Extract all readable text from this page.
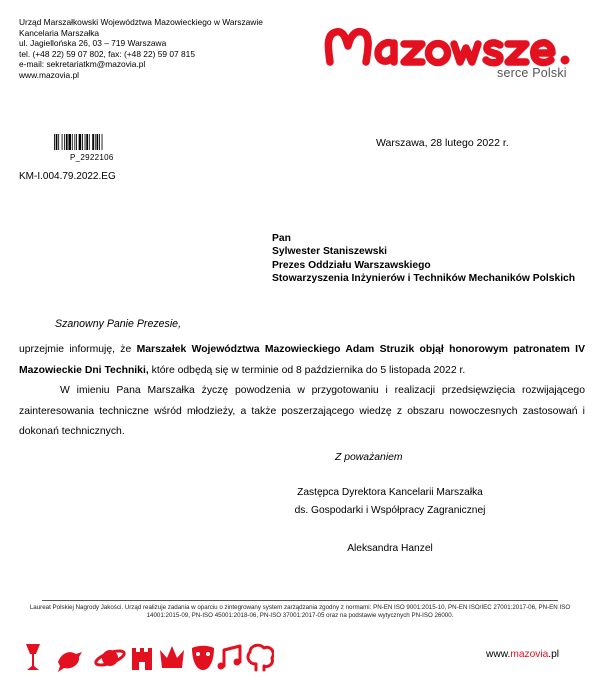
Urząd Marszałkowski Województwa Mazowieckiego w Warszawie
Kancelaria Marszałka
ul. Jagiellońska 26, 03 – 719 Warszawa
tel. (+48 22) 59 07 802, fax: (+48 22) 59 07 815
e-mail: sekretariatkm@mazovia.pl
www.mazovia.pl	serce Polski
P_2922106
Warszawa, 28 lutego 2022 r.
KM-I.004.79.2022.EG
Pan
Sylwester Staniszewski
Prezes Oddziału Warszawskiego
Stowarzyszenia Inżynierów i Techników Mechaników Polskich
Szanowny Panie Prezesie,

uprzejmie informuję, że Marszałek Województwa Mazowieckiego Adam Struzik objął honorowym patronatem IV Mazowieckie Dni Techniki, które odbędą się w terminie od 8 października do 5 listopada 2022 r.

W imieniu Pana Marszałka życzę powodzenia w przygotowaniu i realizacji przedsięwzięcia rozwijającego zainteresowania techniczne wśród młodzieży, a także poszerzającego wiedzę z obszaru nowoczesnych zastosowań i dokonań technicznych.

Z poważaniem
Zastępca Dyrektora Kancelarii Marszałka
ds. Gospodarki i Współpracy Zagranicznej
Aleksandra Hanzel
Laureat Polskiej Nagrody Jakości. Urząd realizuje zadania w oparciu o zintegrowany system zarządzania zgodny z normami: PN-EN ISO 9001:2015-10, PN-EN ISO/IEC 27001:2017-06, PN-EN ISO 14001:2015-09, PN-ISO 45001:2018-06, PN-ISO 37001:2017-05 oraz na podstawie wytycznych PN-ISO 26000.
www.mazovia.pl
